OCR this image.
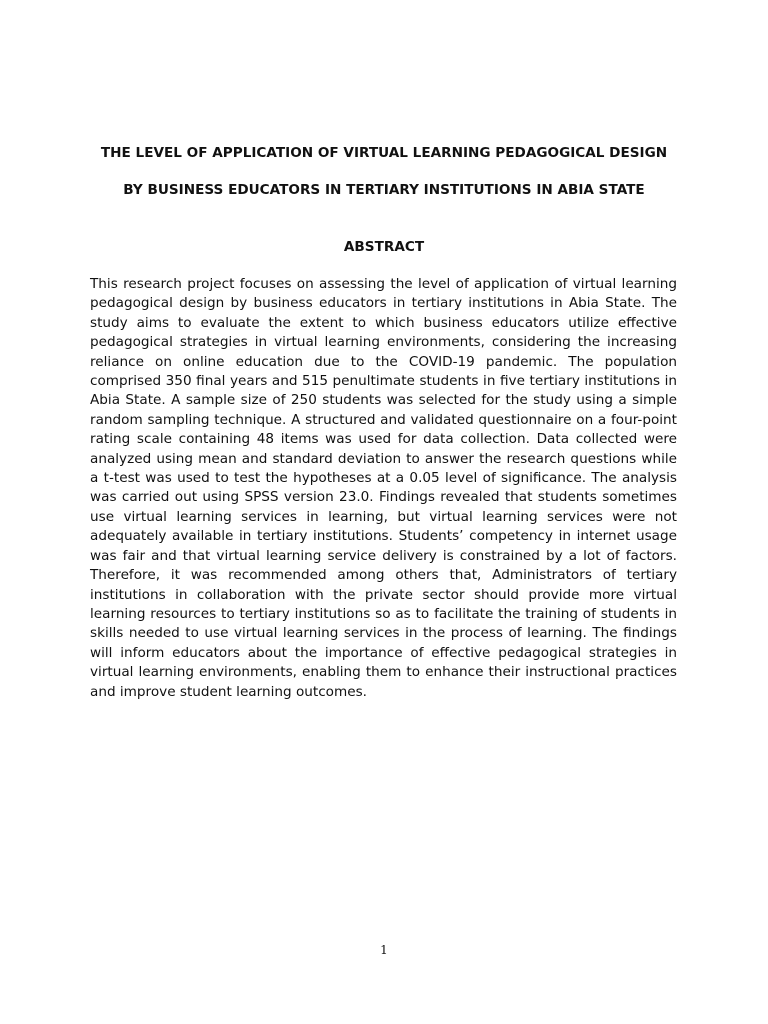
THE LEVEL OF APPLICATION OF VIRTUAL LEARNING PEDAGOGICAL DESIGN
BY BUSINESS EDUCATORS IN TERTIARY INSTITUTIONS IN ABIA STATE
ABSTRACT

This research project focuses on assessing the level of application of virtual learning pedagogical design by business educators in tertiary institutions in Abia State. The study aims to evaluate the extent to which business educators utilize effective pedagogical strategies in virtual learning environments, considering the increasing reliance on online education due to the COVID-19 pandemic. The population comprised 350 final years and 515 penultimate students in five tertiary institutions in Abia State. A sample size of 250 students was selected for the study using a simple random sampling technique. A structured and validated questionnaire on a four-point rating scale containing 48 items was used for data collection. Data collected were analyzed using mean and standard deviation to answer the research questions while a t-test was used to test the hypotheses at a 0.05 level of significance. The analysis was carried out using SPSS version 23.0. Findings revealed that students sometimes use virtual learning services in learning, but virtual learning services were not adequately available in tertiary institutions. Students’ competency in internet usage was fair and that virtual learning service delivery is constrained by a lot of factors. Therefore, it was recommended among others that, Administrators of tertiary institutions in collaboration with the private sector should provide more virtual learning resources to tertiary institutions so as to facilitate the training of students in skills needed to use virtual learning services in the process of learning. The findings will inform educators about the importance of effective pedagogical strategies in virtual learning environments, enabling them to enhance their instructional practices and improve student learning outcomes.

1
